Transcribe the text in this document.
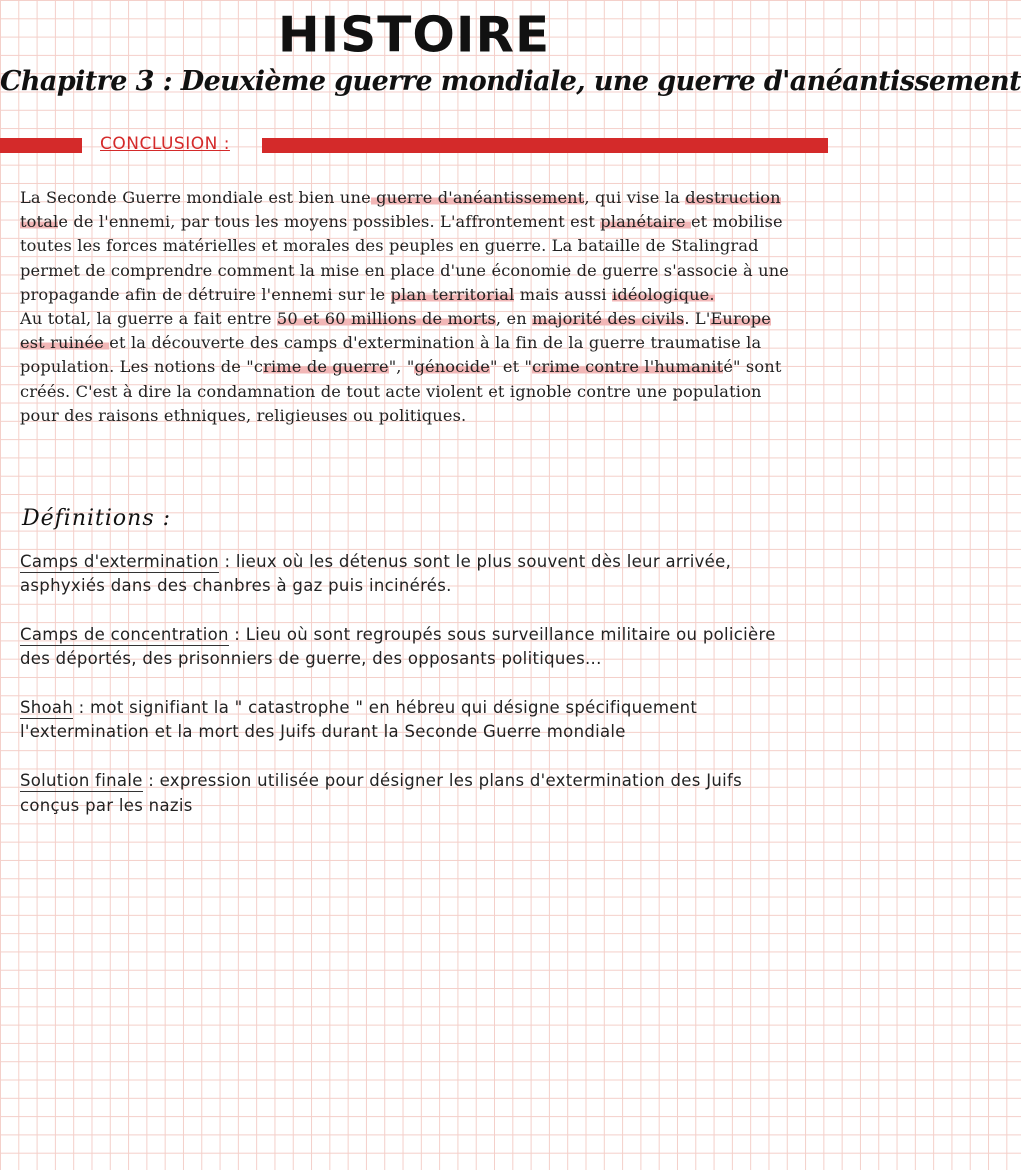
HISTOIRE
Chapitre 3 : Deuxième guerre mondiale, une guerre d'anéantissement
CONCLUSION :

La Seconde Guerre mondiale est bien une guerre d'anéantissement, qui vise la destruction totale de l'ennemi, par tous les moyens possibles. L'affrontement est planétaire et mobilise toutes les forces matérielles et morales des peuples en guerre. La bataille de Stalingrad permet de comprendre comment la mise en place d'une économie de guerre s'associe à une propagande afin de détruire l'ennemi sur le plan territorial mais aussi idéologique.

Au total, la guerre a fait entre 50 et 60 millions de morts, en majorité des civils. L'Europe est ruinée et la découverte des camps d'extermination à la fin de la guerre traumatise la population. Les notions de "crime de guerre", "génocide" et "crime contre l'humanité" sont créés. C'est à dire la condamnation de tout acte violent et ignoble contre une population pour des raisons ethniques, religieuses ou politiques.

Définitions :

Camps d'extermination : lieux où les détenus sont le plus souvent dès leur arrivée, asphyxiés dans des chanbres à gaz puis incinérés.

Camps de concentration : Lieu où sont regroupés sous surveillance militaire ou policière des déportés, des prisonniers de guerre, des opposants politiques...

Shoah : mot signifiant la " catastrophe " en hébreu qui désigne spécifiquement l'extermination et la mort des Juifs durant la Seconde Guerre mondiale

Solution finale : expression utilisée pour désigner les plans d'extermination des Juifs conçus par les nazis
